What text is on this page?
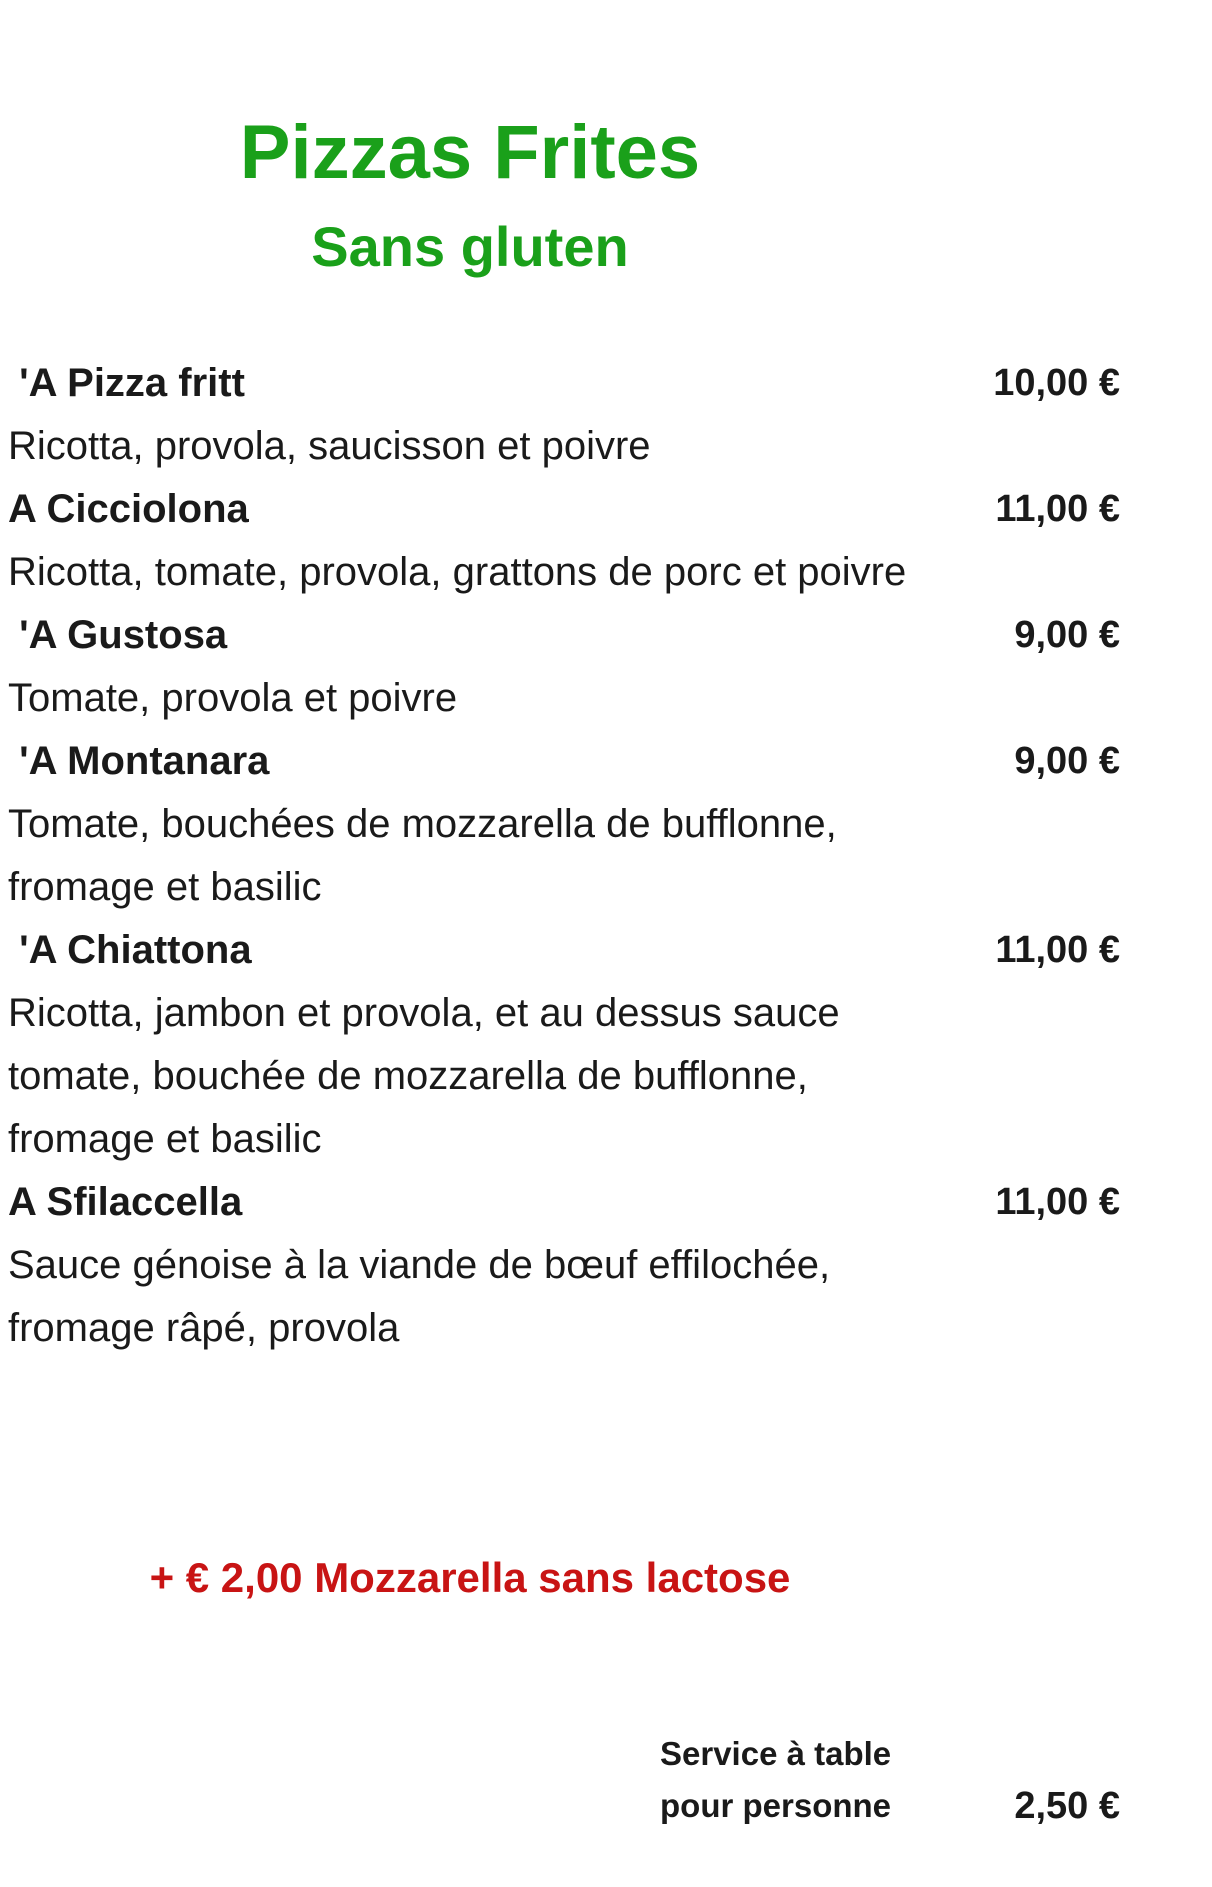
Pizzas Frites
Sans gluten
'A Pizza fritt	10,00 €

Ricotta, provola, saucisson et poivre

A Cicciolona	11,00 €

Ricotta, tomate, provola, grattons de porc et poivre

'A Gustosa	9,00 €

Tomate, provola et poivre

'A Montanara	9,00 €

Tomate, bouchées de mozzarella de bufflonne, fromage et basilic

'A Chiattona	11,00 €

Ricotta, jambon et provola, et au dessus sauce tomate, bouchée de mozzarella de bufflonne, fromage et basilic

A Sfilaccella	11,00 €

Sauce génoise à la viande de bœuf effilochée, fromage râpé, provola

+ € 2,00 Mozzarella sans lactose
Service à table pour personne	2,50 €
